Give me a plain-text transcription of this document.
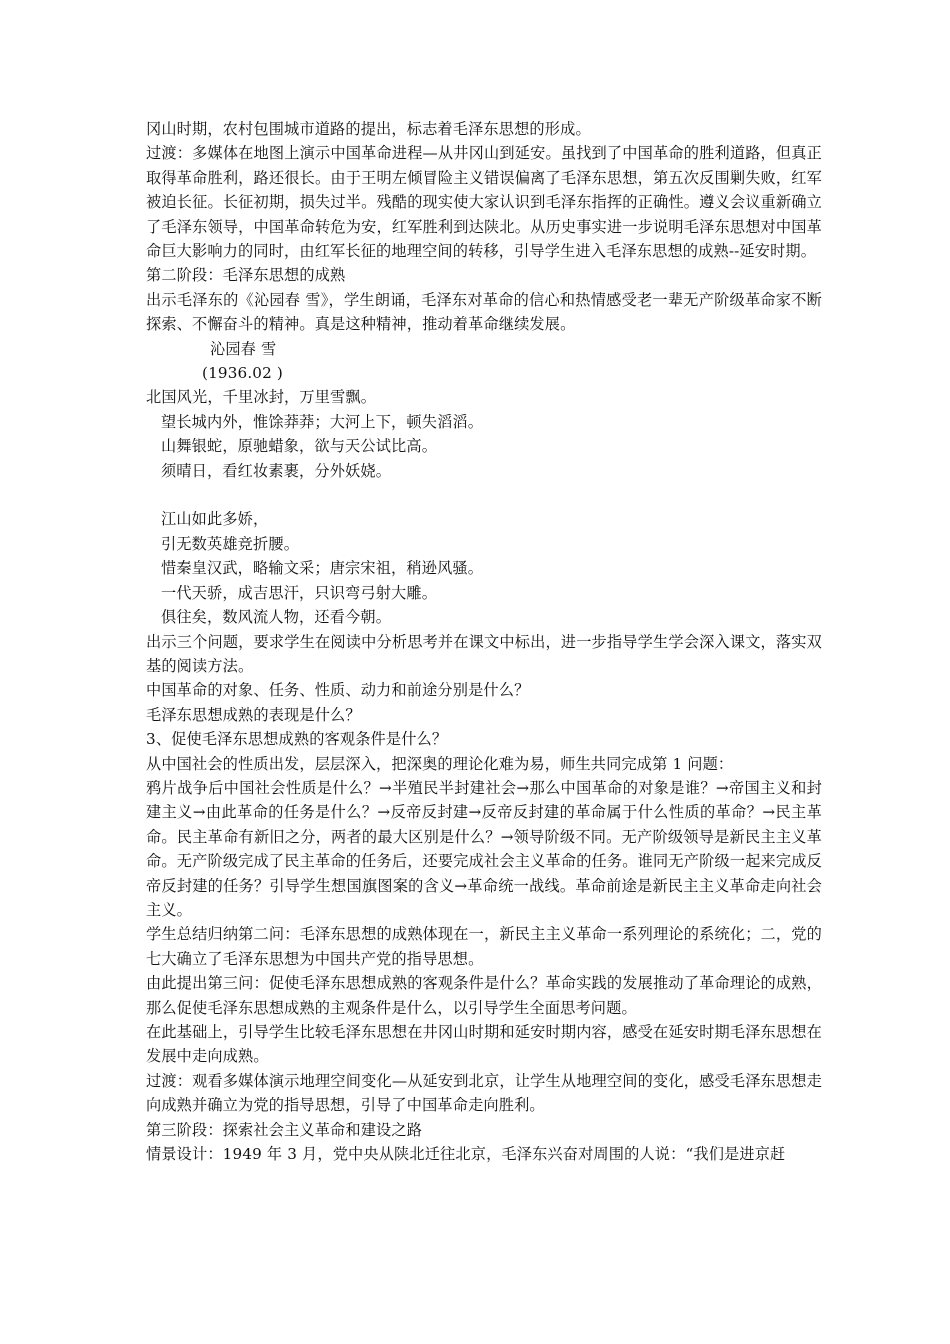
冈山时期，农村包围城市道路的提出，标志着毛泽东思想的形成。

过渡：多媒体在地图上演示中国革命进程—从井冈山到延安。虽找到了中国革命的胜利道路，但真正取得革命胜利，路还很长。由于王明左倾冒险主义错误偏离了毛泽东思想，第五次反围剿失败，红军被迫长征。长征初期，损失过半。残酷的现实使大家认识到毛泽东指挥的正确性。遵义会议重新确立了毛泽东领导，中国革命转危为安，红军胜利到达陕北。从历史事实进一步说明毛泽东思想对中国革命巨大影响力的同时，由红军长征的地理空间的转移，引导学生进入毛泽东思想的成熟--延安时期。

第二阶段：毛泽东思想的成熟

出示毛泽东的《沁园春 雪》，学生朗诵，毛泽东对革命的信心和热情感受老一辈无产阶级革命家不断探索、不懈奋斗的精神。真是这种精神，推动着革命继续发展。

沁园春 雪

(1936.02 )

北国风光，千里冰封，万里雪飘。

望长城内外，惟馀莽莽；大河上下，顿失滔滔。

山舞银蛇，原驰蜡象，欲与天公试比高。

须晴日，看红妆素裹，分外妖娆。

江山如此多娇，

引无数英雄竞折腰。

惜秦皇汉武，略输文采；唐宗宋祖，稍逊风骚。

一代天骄，成吉思汗，只识弯弓射大雕。

俱往矣，数风流人物，还看今朝。

出示三个问题，要求学生在阅读中分析思考并在课文中标出，进一步指导学生学会深入课文，落实双基的阅读方法。

中国革命的对象、任务、性质、动力和前途分别是什么？

毛泽东思想成熟的表现是什么？

3、促使毛泽东思想成熟的客观条件是什么？

从中国社会的性质出发，层层深入，把深奥的理论化难为易，师生共同完成第 1 问题：

鸦片战争后中国社会性质是什么？→半殖民半封建社会→那么中国革命的对象是谁？→帝国主义和封建主义→由此革命的任务是什么？→反帝反封建→反帝反封建的革命属于什么性质的革命？→民主革命。民主革命有新旧之分，两者的最大区别是什么？→领导阶级不同。无产阶级领导是新民主主义革命。无产阶级完成了民主革命的任务后，还要完成社会主义革命的任务。谁同无产阶级一起来完成反帝反封建的任务？引导学生想国旗图案的含义→革命统一战线。革命前途是新民主主义革命走向社会主义。

学生总结归纳第二问：毛泽东思想的成熟体现在一，新民主主义革命一系列理论的系统化；二，党的七大确立了毛泽东思想为中国共产党的指导思想。

由此提出第三问：促使毛泽东思想成熟的客观条件是什么？革命实践的发展推动了革命理论的成熟，那么促使毛泽东思想成熟的主观条件是什么，以引导学生全面思考问题。

在此基础上，引导学生比较毛泽东思想在井冈山时期和延安时期内容，感受在延安时期毛泽东思想在发展中走向成熟。

过渡：观看多媒体演示地理空间变化—从延安到北京，让学生从地理空间的变化，感受毛泽东思想走向成熟并确立为党的指导思想，引导了中国革命走向胜利。

第三阶段：探索社会主义革命和建设之路

情景设计：1949 年 3 月，党中央从陕北迁往北京，毛泽东兴奋对周围的人说：“我们是进京赶
